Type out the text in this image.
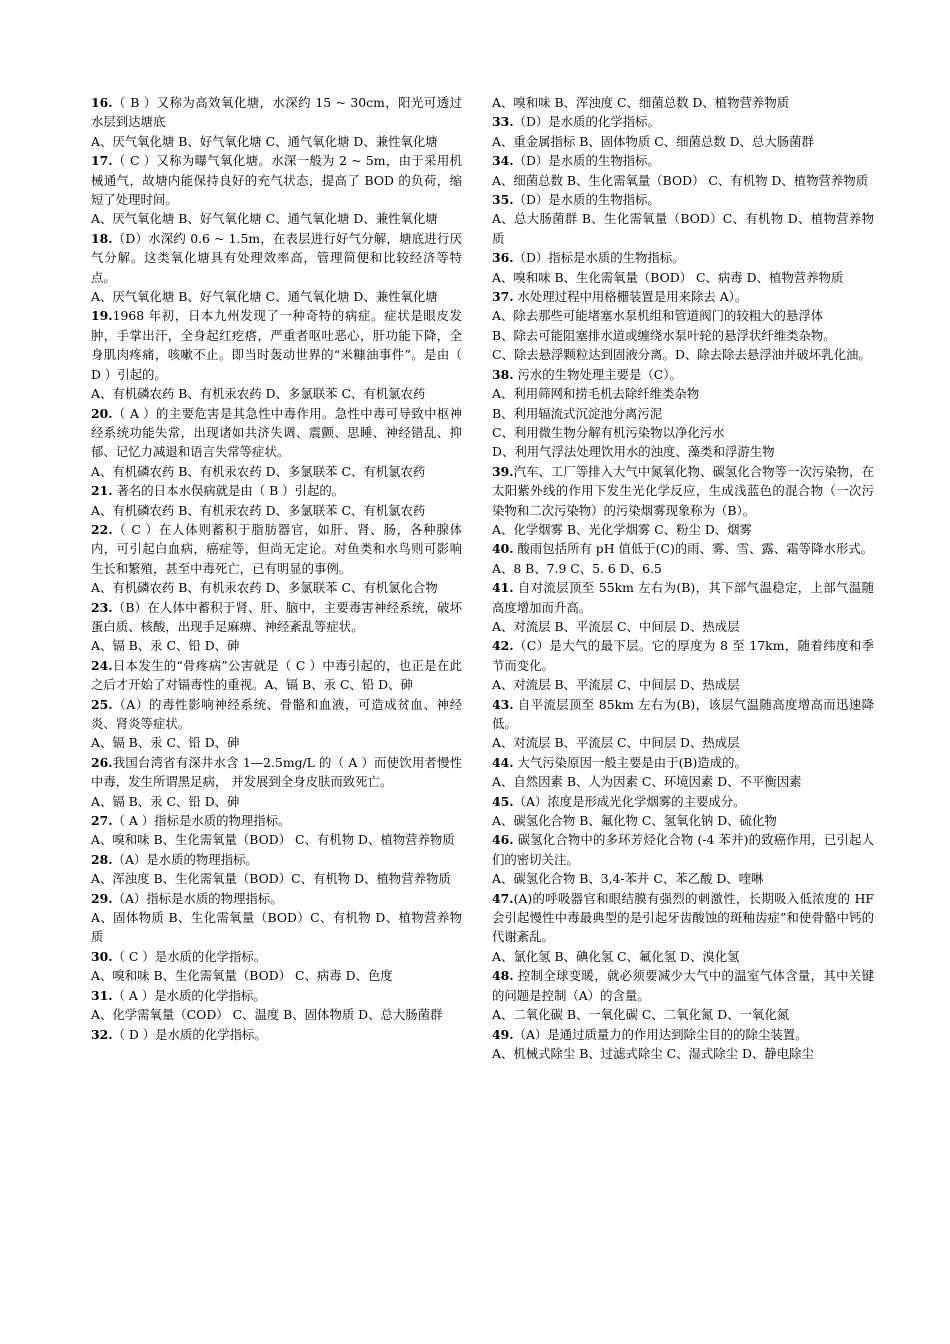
16.（ B ）又称为高效氧化塘，水深约 15 ~ 30cm，阳光可透过水层到达塘底

A、厌气氧化塘 B、好气氧化塘 C、通气氧化塘 D、兼性氧化塘

17.（ C ）又称为曝气氧化塘。水深一般为 2 ~ 5m，由于采用机械通气，故塘内能保持良好的充气状态，提高了 BOD 的负荷，缩短了处理时间。

A、厌气氧化塘 B、好气氧化塘 C、通气氧化塘 D、兼性氧化塘

18.（D）水深约 0.6 ~ 1.5m，在表层进行好气分解，塘底进行厌气分解。这类氧化塘具有处理效率高，管理简便和比较经济等特点。

A、厌气氧化塘 B、好气氧化塘 C、通气氧化塘 D、兼性氧化塘

19.1968 年初，日本九州发现了一种奇特的病症。症状是眼皮发肿，手掌出汗，全身起红疙瘩，严重者呕吐恶心，肝功能下降，全身肌肉疼痛，咳嗽不止。即当时轰动世界的“米糠油事件”。是由（ D ）引起的。

A、有机磷农药 B、有机汞农药 D、多氯联苯 C、有机氯农药

20.（ A ）的主要危害是其急性中毒作用。急性中毒可导致中枢神经系统功能失常，出现诸如共济失调、震颤、思睡、神经错乱、抑郁、记忆力减退和语言失常等症状。

A、有机磷农药 B、有机汞农药 D、多氯联苯 C、有机氯农药

21. 著名的日本水俣病就是由（ B ）引起的。

A、有机磷农药 B、有机汞农药 D、多氯联苯 C、有机氯农药

22.（ C ）在人体则蓄积于脂肪器官，如肝、肾、肠，各种腺体内，可引起白血病，癌症等，但尚无定论。对鱼类和水鸟则可影响生长和繁殖，甚至中毒死亡，已有明显的事例。

A、有机磷农药 B、有机汞农药 D、多氯联苯 C、有机氯化合物

23.（B）在人体中蓄积于肾、肝、脑中，主要毒害神经系统，破坏蛋白质、核酸，出现手足麻痹、神经紊乱等症状。

A、镉 B、汞 C、铅 D、砷

24.日本发生的“骨疼病”公害就是（ C ）中毒引起的，也正是在此之后才开始了对镉毒性的重视。A、镉 B、汞 C、铅 D、砷

25.（A）的毒性影响神经系统、骨骼和血液，可造成贫血、神经炎、肾炎等症状。

A、镉 B、汞 C、铅 D、砷

26.我国台湾省有深井水含 1—2.5mg/L 的（ A ）而使饮用者慢性中毒，发生所谓黑足病， 并发展到全身皮肤而致死亡。

A、镉 B、汞 C、铅 D、砷

27.（ A ）指标是水质的物理指标。

A、嗅和味 B、生化需氧量（BOD） C、有机物 D、植物营养物质

28.（A）是水质的物理指标。

A、浑浊度 B、生化需氧量（BOD）C、有机物 D、植物营养物质

29.（A）指标是水质的物理指标。

A、固体物质 B、生化需氧量（BOD）C、有机物 D、植物营养物质

30.（ C ）是水质的化学指标。

A、嗅和味 B、生化需氧量（BOD） C、病毒 D、色度

31.（ A ）是水质的化学指标。

A、化学需氧量（COD） C、温度 B、固体物质 D、总大肠菌群

32.（ D ）是水质的化学指标。

A、嗅和味 B、浑浊度 C、细菌总数 D、植物营养物质

33.（D）是水质的化学指标。

A、重金属指标 B、固体物质 C、细菌总数 D、总大肠菌群

34.（D）是水质的生物指标。

A、细菌总数 B、生化需氧量（BOD） C、有机物 D、植物营养物质

35.（D）是水质的生物指标。

A、总大肠菌群 B、生化需氧量（BOD）C、有机物 D、植物营养物质

36.（D）指标是水质的生物指标。

A、嗅和味 B、生化需氧量（BOD） C、病毒 D、植物营养物质

37. 水处理过程中用格栅装置是用来除去 A）。

A、除去那些可能堵塞水泵机组和管道阀门的较粗大的悬浮体

B、除去可能阻塞排水道或缠绕水泵叶轮的悬浮状纤维类杂物。

C、除去悬浮颗粒达到固液分离。D、除去除去悬浮油并破坏乳化油。

38. 污水的生物处理主要是（C）。

A、利用筛网和捞毛机去除纤维类杂物

B、利用辐流式沉淀池分离污泥

C、利用微生物分解有机污染物以净化污水

D、利用气浮法处理饮用水的浊度、藻类和浮游生物

39.汽车、工厂等排入大气中氮氧化物、碳氢化合物等一次污染物，在太阳紫外线的作用下发生光化学反应，生成浅蓝色的混合物（一次污染物和二次污染物）的污染烟雾现象称为（B）。

A、化学烟雾 B、光化学烟雾 C、粉尘 D、烟雾

40. 酸雨包括所有 pH 值低于(C)的雨、雾、雪、露、霜等降水形式。

A、8 B、7.9 C、5. 6 D、6.5

41. 自对流层顶至 55km 左右为(B)，其下部气温稳定，上部气温随高度增加而升高。

A、对流层 B、平流层 C、中间层 D、热成层

42.（C）是大气的最下层。它的厚度为 8 至 17km，随着纬度和季节而变化。

A、对流层 B、平流层 C、中间层 D、热成层

43. 自平流层顶至 85km 左右为(B)，该层气温随高度增高而迅速降低。

A、对流层 B、平流层 C、中间层 D、热成层

44. 大气污染原因一般主要是由于(B)造成的。

A、自然因素 B、人为因素 C、环境因素 D、不平衡因素

45.（A）浓度是形成光化学烟雾的主要成分。

A、碳氢化合物 B、氟化物 C、氢氧化钠 D、硫化物

46. 碳氢化合物中的多环芳烃化合物 (-4 苯并)的致癌作用，已引起人们的密切关注。

A、碳氢化合物 B、3,4-苯并 C、苯乙酸 D、喹啉

47.(A)的呼吸器官和眼结膜有强烈的刺激性，长期吸入低浓度的 HF 会引起慢性中毒最典型的是引起牙齿酸蚀的斑釉齿症”和使骨骼中钙的代谢紊乱。

A、氯化氢 B、碘化氢 C、氟化氢 D、溴化氢

48. 控制全球变暖，就必须要减少大气中的温室气体含量，其中关键的问题是控制（A）的含量。

A、二氧化碳 B、一氧化碳 C、二氧化氮 D、一氧化氮

49.（A）是通过质量力的作用达到除尘目的的除尘装置。

A、机械式除尘 B、过滤式除尘 C、湿式除尘 D、静电除尘
